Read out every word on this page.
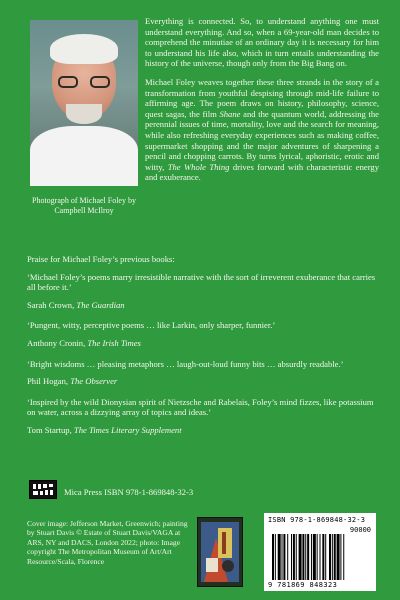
Photograph of Michael Foley by Campbell McIlroy

Everything is connected. So, to understand anything one must understand everything. And so, when a 69-year-old man decides to comprehend the minutiae of an ordinary day it is necessary for him to understand his life also, which in turn entails understanding the history of the universe, though only from the Big Bang on.

Michael Foley weaves together these three strands in the story of a transformation from youthful despising through mid-life failure to affirming age. The poem draws on history, philosophy, science, quest sagas, the film Shane and the quantum world, addressing the perennial issues of time, mortality, love and the search for meaning, while also refreshing everyday experiences such as making coffee, supermarket shopping and the major adventures of sharpening a pencil and chopping carrots. By turns lyrical, aphoristic, erotic and witty, The Whole Thing drives forward with characteristic energy and exuberance.

Praise for Michael Foley’s previous books:

‘Michael Foley’s poems marry irresistible narrative with the sort of irreverent exuberance that carries all before it.’

Sarah Crown, The Guardian

‘Pungent, witty, perceptive poems … like Larkin, only sharper, funnier.’

Anthony Cronin, The Irish Times

‘Bright wisdoms … pleasing metaphors … laugh-out-loud funny bits … absurdly readable.’

Phil Hogan, The Observer

‘Inspired by the wild Dionysian spirit of Nietzsche and Rabelais, Foley’s mind fizzes, like potassium on water, across a dizzying array of topics and ideas.’

Tom Startup, The Times Literary Supplement

Mica Press ISBN 978-1-869848-32-3
Cover image: Jefferson Market, Greenwich; painting by Stuart Davis © Estate of Stuart Davis/VAGA at ARS, NY and DACS, London 2022; photo: Image copyright The Metropolitan Museum of Art/Art Resource/Scala, Florence
ISBN 978-1-869848-32-3
90000
9 781869 848323
